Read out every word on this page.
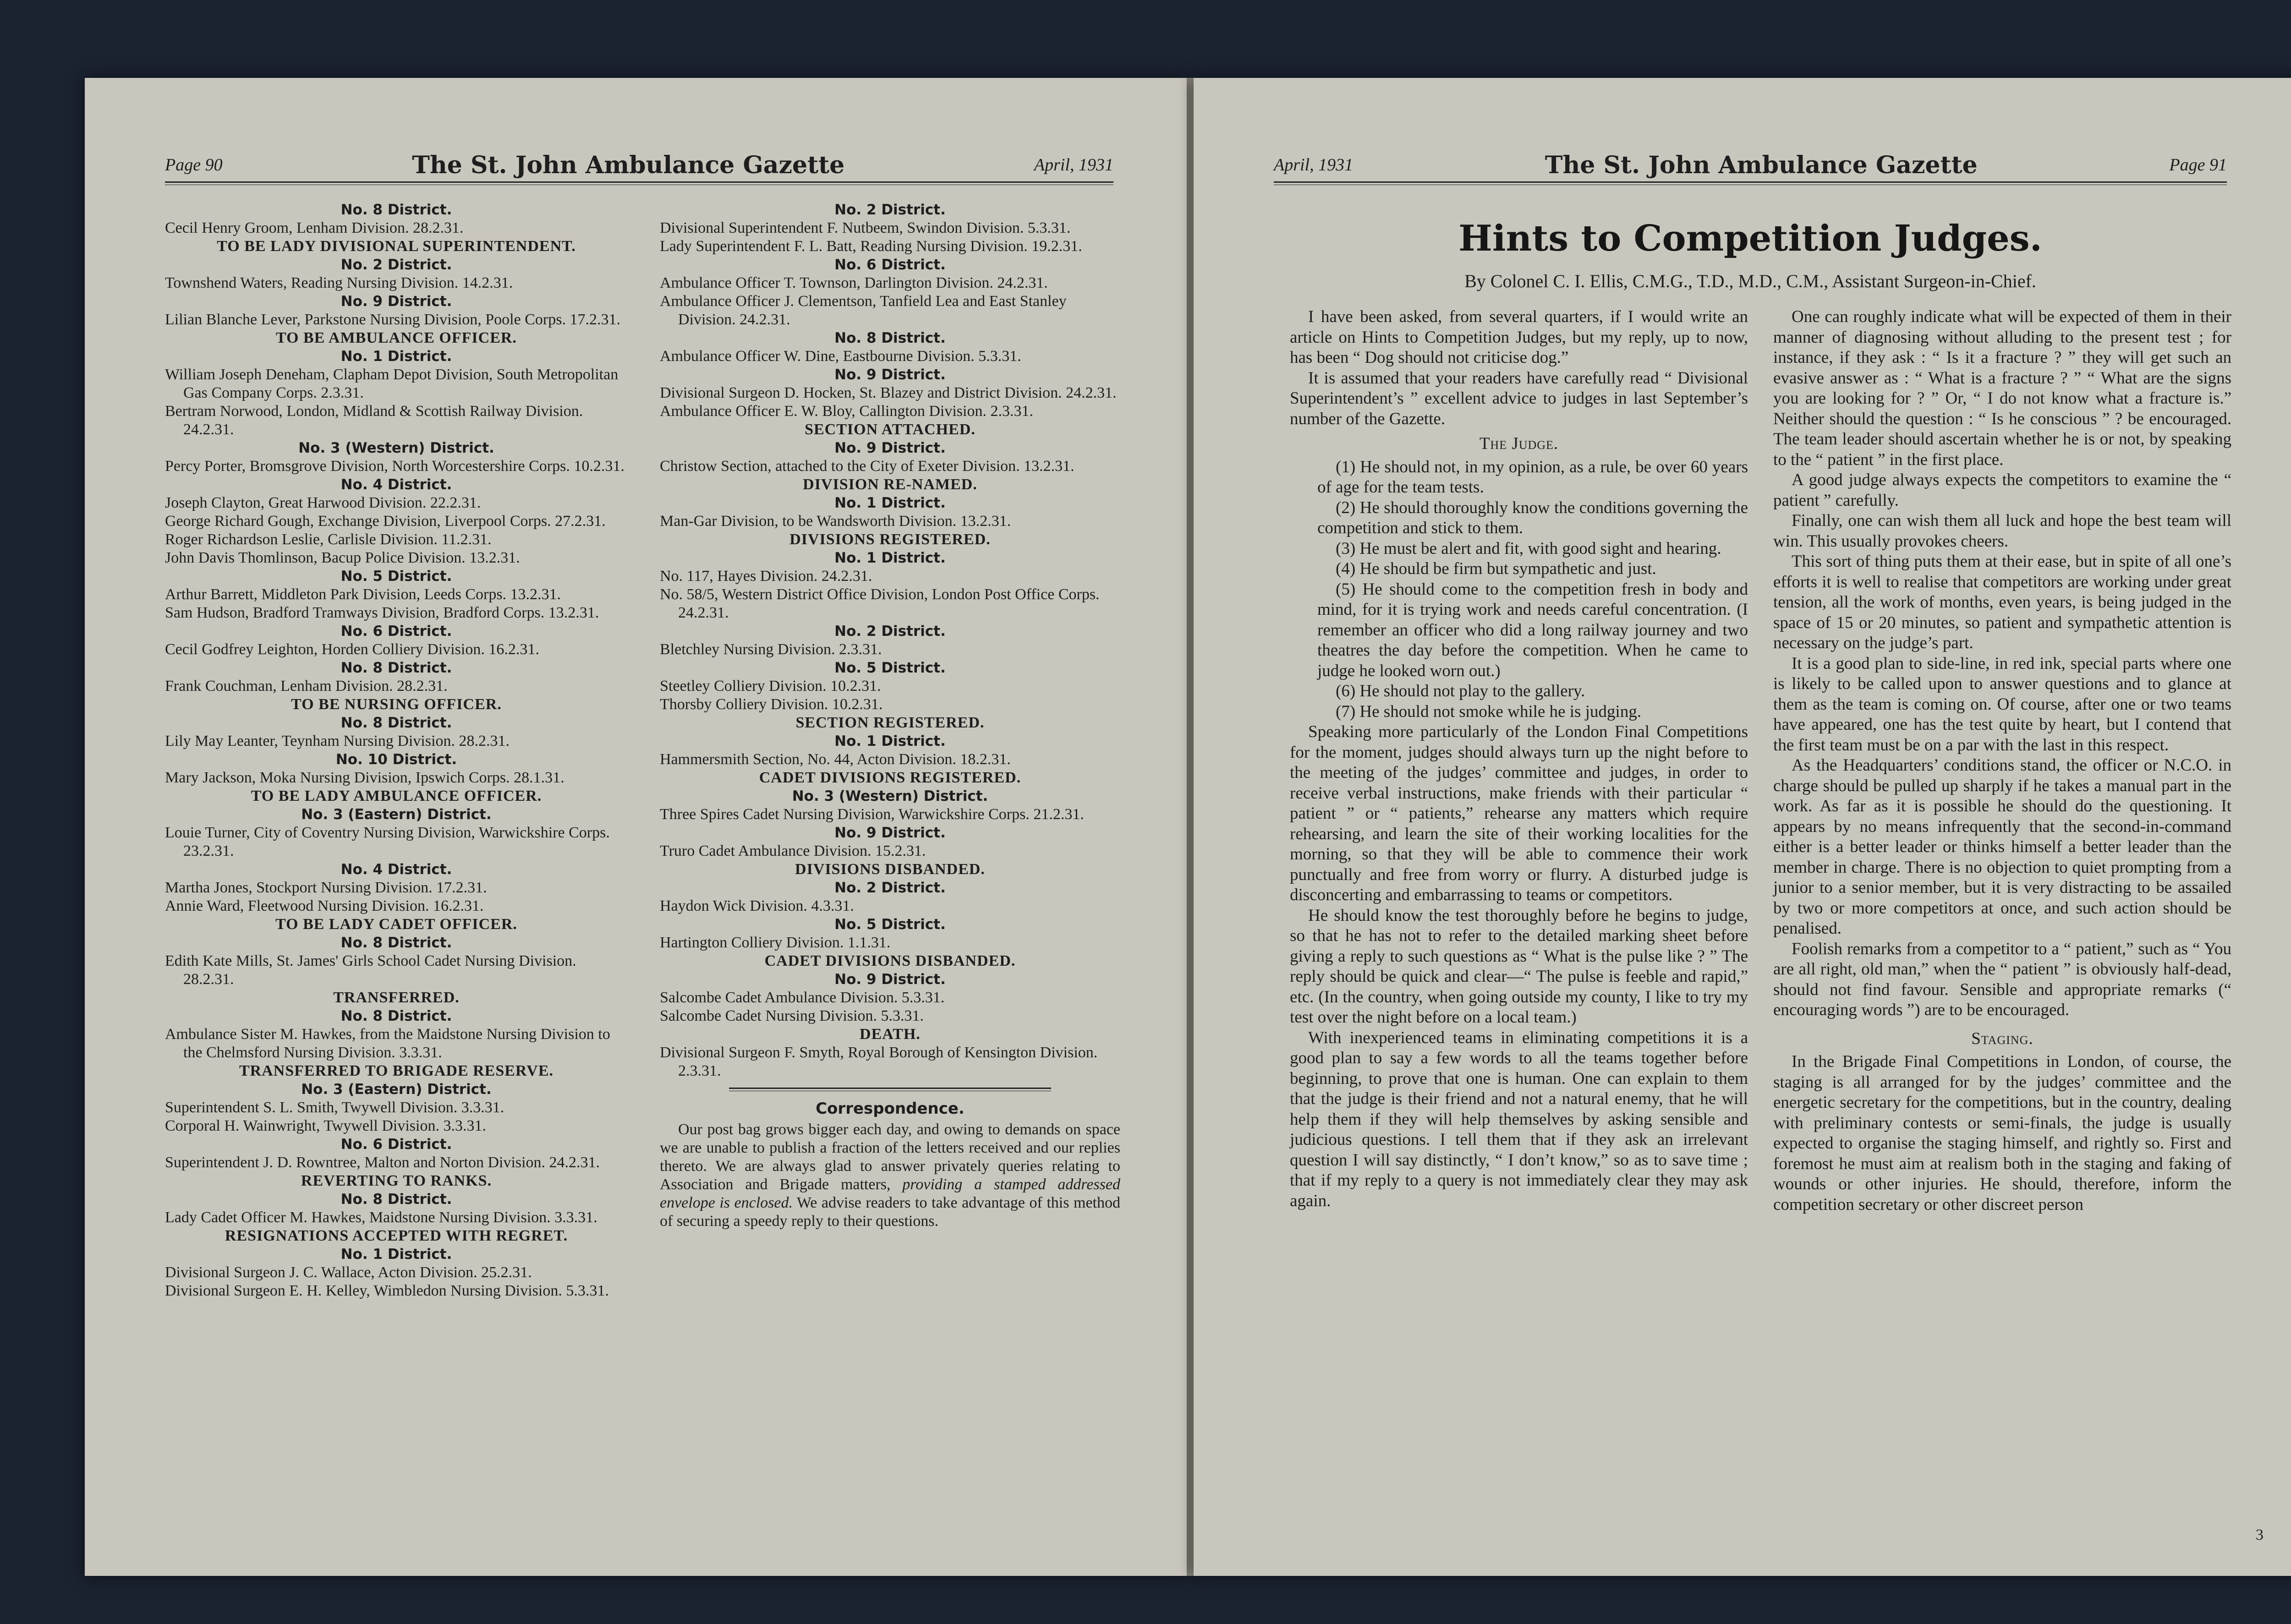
Page 90	The St. John Ambulance Gazette	April, 1931

No. 8 District.

Cecil Henry Groom, Lenham Division. 28.2.31.

TO BE LADY DIVISIONAL SUPERINTENDENT.

No. 2 District.

Townshend Waters, Reading Nursing Division. 14.2.31.

No. 9 District.

Lilian Blanche Lever, Parkstone Nursing Division, Poole Corps. 17.2.31.

TO BE AMBULANCE OFFICER.

No. 1 District.

William Joseph Deneham, Clapham Depot Division, South Metropolitan Gas Company Corps. 2.3.31.

Bertram Norwood, London, Midland & Scottish Railway Division. 24.2.31.

No. 3 (Western) District.

Percy Porter, Bromsgrove Division, North Worcestershire Corps. 10.2.31.

No. 4 District.

Joseph Clayton, Great Harwood Division. 22.2.31.

George Richard Gough, Exchange Division, Liverpool Corps. 27.2.31.

Roger Richardson Leslie, Carlisle Division. 11.2.31.

John Davis Thomlinson, Bacup Police Division. 13.2.31.

No. 5 District.

Arthur Barrett, Middleton Park Division, Leeds Corps. 13.2.31.

Sam Hudson, Bradford Tramways Division, Bradford Corps. 13.2.31.

No. 6 District.

Cecil Godfrey Leighton, Horden Colliery Division. 16.2.31.

No. 8 District.

Frank Couchman, Lenham Division. 28.2.31.

TO BE NURSING OFFICER.

No. 8 District.

Lily May Leanter, Teynham Nursing Division. 28.2.31.

No. 10 District.

Mary Jackson, Moka Nursing Division, Ipswich Corps. 28.1.31.

TO BE LADY AMBULANCE OFFICER.

No. 3 (Eastern) District.

Louie Turner, City of Coventry Nursing Division, Warwickshire Corps. 23.2.31.

No. 4 District.

Martha Jones, Stockport Nursing Division. 17.2.31.

Annie Ward, Fleetwood Nursing Division. 16.2.31.

TO BE LADY CADET OFFICER.

No. 8 District.

Edith Kate Mills, St. James' Girls School Cadet Nursing Division. 28.2.31.

TRANSFERRED.

No. 8 District.

Ambulance Sister M. Hawkes, from the Maidstone Nursing Division to the Chelmsford Nursing Division. 3.3.31.

TRANSFERRED TO BRIGADE RESERVE.

No. 3 (Eastern) District.

Superintendent S. L. Smith, Twywell Division. 3.3.31.

Corporal H. Wainwright, Twywell Division. 3.3.31.

No. 6 District.

Superintendent J. D. Rowntree, Malton and Norton Division. 24.2.31.

REVERTING TO RANKS.

No. 8 District.

Lady Cadet Officer M. Hawkes, Maidstone Nursing Division. 3.3.31.

RESIGNATIONS ACCEPTED WITH REGRET.

No. 1 District.

Divisional Surgeon J. C. Wallace, Acton Division. 25.2.31.

Divisional Surgeon E. H. Kelley, Wimbledon Nursing Division. 5.3.31.

No. 2 District.

Divisional Superintendent F. Nutbeem, Swindon Division. 5.3.31.

Lady Superintendent F. L. Batt, Reading Nursing Division. 19.2.31.

No. 6 District.

Ambulance Officer T. Townson, Darlington Division. 24.2.31.

Ambulance Officer J. Clementson, Tanfield Lea and East Stanley Division. 24.2.31.

No. 8 District.

Ambulance Officer W. Dine, Eastbourne Division. 5.3.31.

No. 9 District.

Divisional Surgeon D. Hocken, St. Blazey and District Division. 24.2.31.

Ambulance Officer E. W. Bloy, Callington Division. 2.3.31.

SECTION ATTACHED.

No. 9 District.

Christow Section, attached to the City of Exeter Division. 13.2.31.

DIVISION RE-NAMED.

No. 1 District.

Man-Gar Division, to be Wandsworth Division. 13.2.31.

DIVISIONS REGISTERED.

No. 1 District.

No. 117, Hayes Division. 24.2.31.

No. 58/5, Western District Office Division, London Post Office Corps. 24.2.31.

No. 2 District.

Bletchley Nursing Division. 2.3.31.

No. 5 District.

Steetley Colliery Division. 10.2.31.

Thorsby Colliery Division. 10.2.31.

SECTION REGISTERED.

No. 1 District.

Hammersmith Section, No. 44, Acton Division. 18.2.31.

CADET DIVISIONS REGISTERED.

No. 3 (Western) District.

Three Spires Cadet Nursing Division, Warwickshire Corps. 21.2.31.

No. 9 District.

Truro Cadet Ambulance Division. 15.2.31.

DIVISIONS DISBANDED.

No. 2 District.

Haydon Wick Division. 4.3.31.

No. 5 District.

Hartington Colliery Division. 1.1.31.

CADET DIVISIONS DISBANDED.

No. 9 District.

Salcombe Cadet Ambulance Division. 5.3.31.

Salcombe Cadet Nursing Division. 5.3.31.

DEATH.

Divisional Surgeon F. Smyth, Royal Borough of Kensington Division. 2.3.31.

Correspondence.

Our post bag grows bigger each day, and owing to demands on space we are unable to publish a fraction of the letters received and our replies thereto. We are always glad to answer privately queries relating to Association and Brigade matters, providing a stamped addressed envelope is enclosed. We advise readers to take advantage of this method of securing a speedy reply to their questions.

April, 1931	The St. John Ambulance Gazette	Page 91
Hints to Competition Judges.
By Colonel C. I. Ellis, C.M.G., T.D., M.D., C.M., Assistant Surgeon-in-Chief.

I have been asked, from several quarters, if I would write an article on Hints to Competition Judges, but my reply, up to now, has been “ Dog should not criticise dog.”

It is assumed that your readers have carefully read “ Divisional Superintendent’s ” excellent advice to judges in last September’s number of the Gazette.

The Judge.

(1) He should not, in my opinion, as a rule, be over 60 years of age for the team tests.

(2) He should thoroughly know the conditions governing the competition and stick to them.

(3) He must be alert and fit, with good sight and hearing.

(4) He should be firm but sympathetic and just.

(5) He should come to the competition fresh in body and mind, for it is trying work and needs careful concentration. (I remember an officer who did a long railway journey and two theatres the day before the competition. When he came to judge he looked worn out.)

(6) He should not play to the gallery.

(7) He should not smoke while he is judging.

Speaking more particularly of the London Final Competitions for the moment, judges should always turn up the night before to the meeting of the judges’ committee and judges, in order to receive verbal instructions, make friends with their particular “ patient ” or “ patients,” rehearse any matters which require rehearsing, and learn the site of their working localities for the morning, so that they will be able to commence their work punctually and free from worry or flurry. A disturbed judge is disconcerting and embarrassing to teams or competitors.

He should know the test thoroughly before he begins to judge, so that he has not to refer to the detailed marking sheet before giving a reply to such questions as “ What is the pulse like ? ” The reply should be quick and clear—“ The pulse is feeble and rapid,” etc. (In the country, when going outside my county, I like to try my test over the night before on a local team.)

With inexperienced teams in eliminating competitions it is a good plan to say a few words to all the teams together before beginning, to prove that one is human. One can explain to them that the judge is their friend and not a natural enemy, that he will help them if they will help themselves by asking sensible and judicious questions. I tell them that if they ask an irrelevant question I will say distinctly, “ I don’t know,” so as to save time ; that if my reply to a query is not immediately clear they may ask again.

One can roughly indicate what will be expected of them in their manner of diagnosing without alluding to the present test ; for instance, if they ask : “ Is it a fracture ? ” they will get such an evasive answer as : “ What is a fracture ? ” “ What are the signs you are looking for ? ” Or, “ I do not know what a fracture is.” Neither should the question : “ Is he conscious ” ? be encouraged. The team leader should ascertain whether he is or not, by speaking to the “ patient ” in the first place.

A good judge always expects the competitors to examine the “ patient ” carefully.

Finally, one can wish them all luck and hope the best team will win. This usually provokes cheers.

This sort of thing puts them at their ease, but in spite of all one’s efforts it is well to realise that competitors are working under great tension, all the work of months, even years, is being judged in the space of 15 or 20 minutes, so patient and sympathetic attention is necessary on the judge’s part.

It is a good plan to side-line, in red ink, special parts where one is likely to be called upon to answer questions and to glance at them as the team is coming on. Of course, after one or two teams have appeared, one has the test quite by heart, but I contend that the first team must be on a par with the last in this respect.

As the Headquarters’ conditions stand, the officer or N.C.O. in charge should be pulled up sharply if he takes a manual part in the work. As far as it is possible he should do the questioning. It appears by no means infrequently that the second-in-command either is a better leader or thinks himself a better leader than the member in charge. There is no objection to quiet prompting from a junior to a senior member, but it is very distracting to be assailed by two or more competitors at once, and such action should be penalised.

Foolish remarks from a competitor to a “ patient,” such as “ You are all right, old man,” when the “ patient ” is obviously half-dead, should not find favour. Sensible and appropriate remarks (“ encouraging words ”) are to be encouraged.

Staging.

In the Brigade Final Competitions in London, of course, the staging is all arranged for by the judges’ committee and the energetic secretary for the competitions, but in the country, dealing with preliminary contests or semi-finals, the judge is usually expected to organise the staging himself, and rightly so. First and foremost he must aim at realism both in the staging and faking of wounds or other injuries. He should, therefore, inform the competition secretary or other discreet person

3
